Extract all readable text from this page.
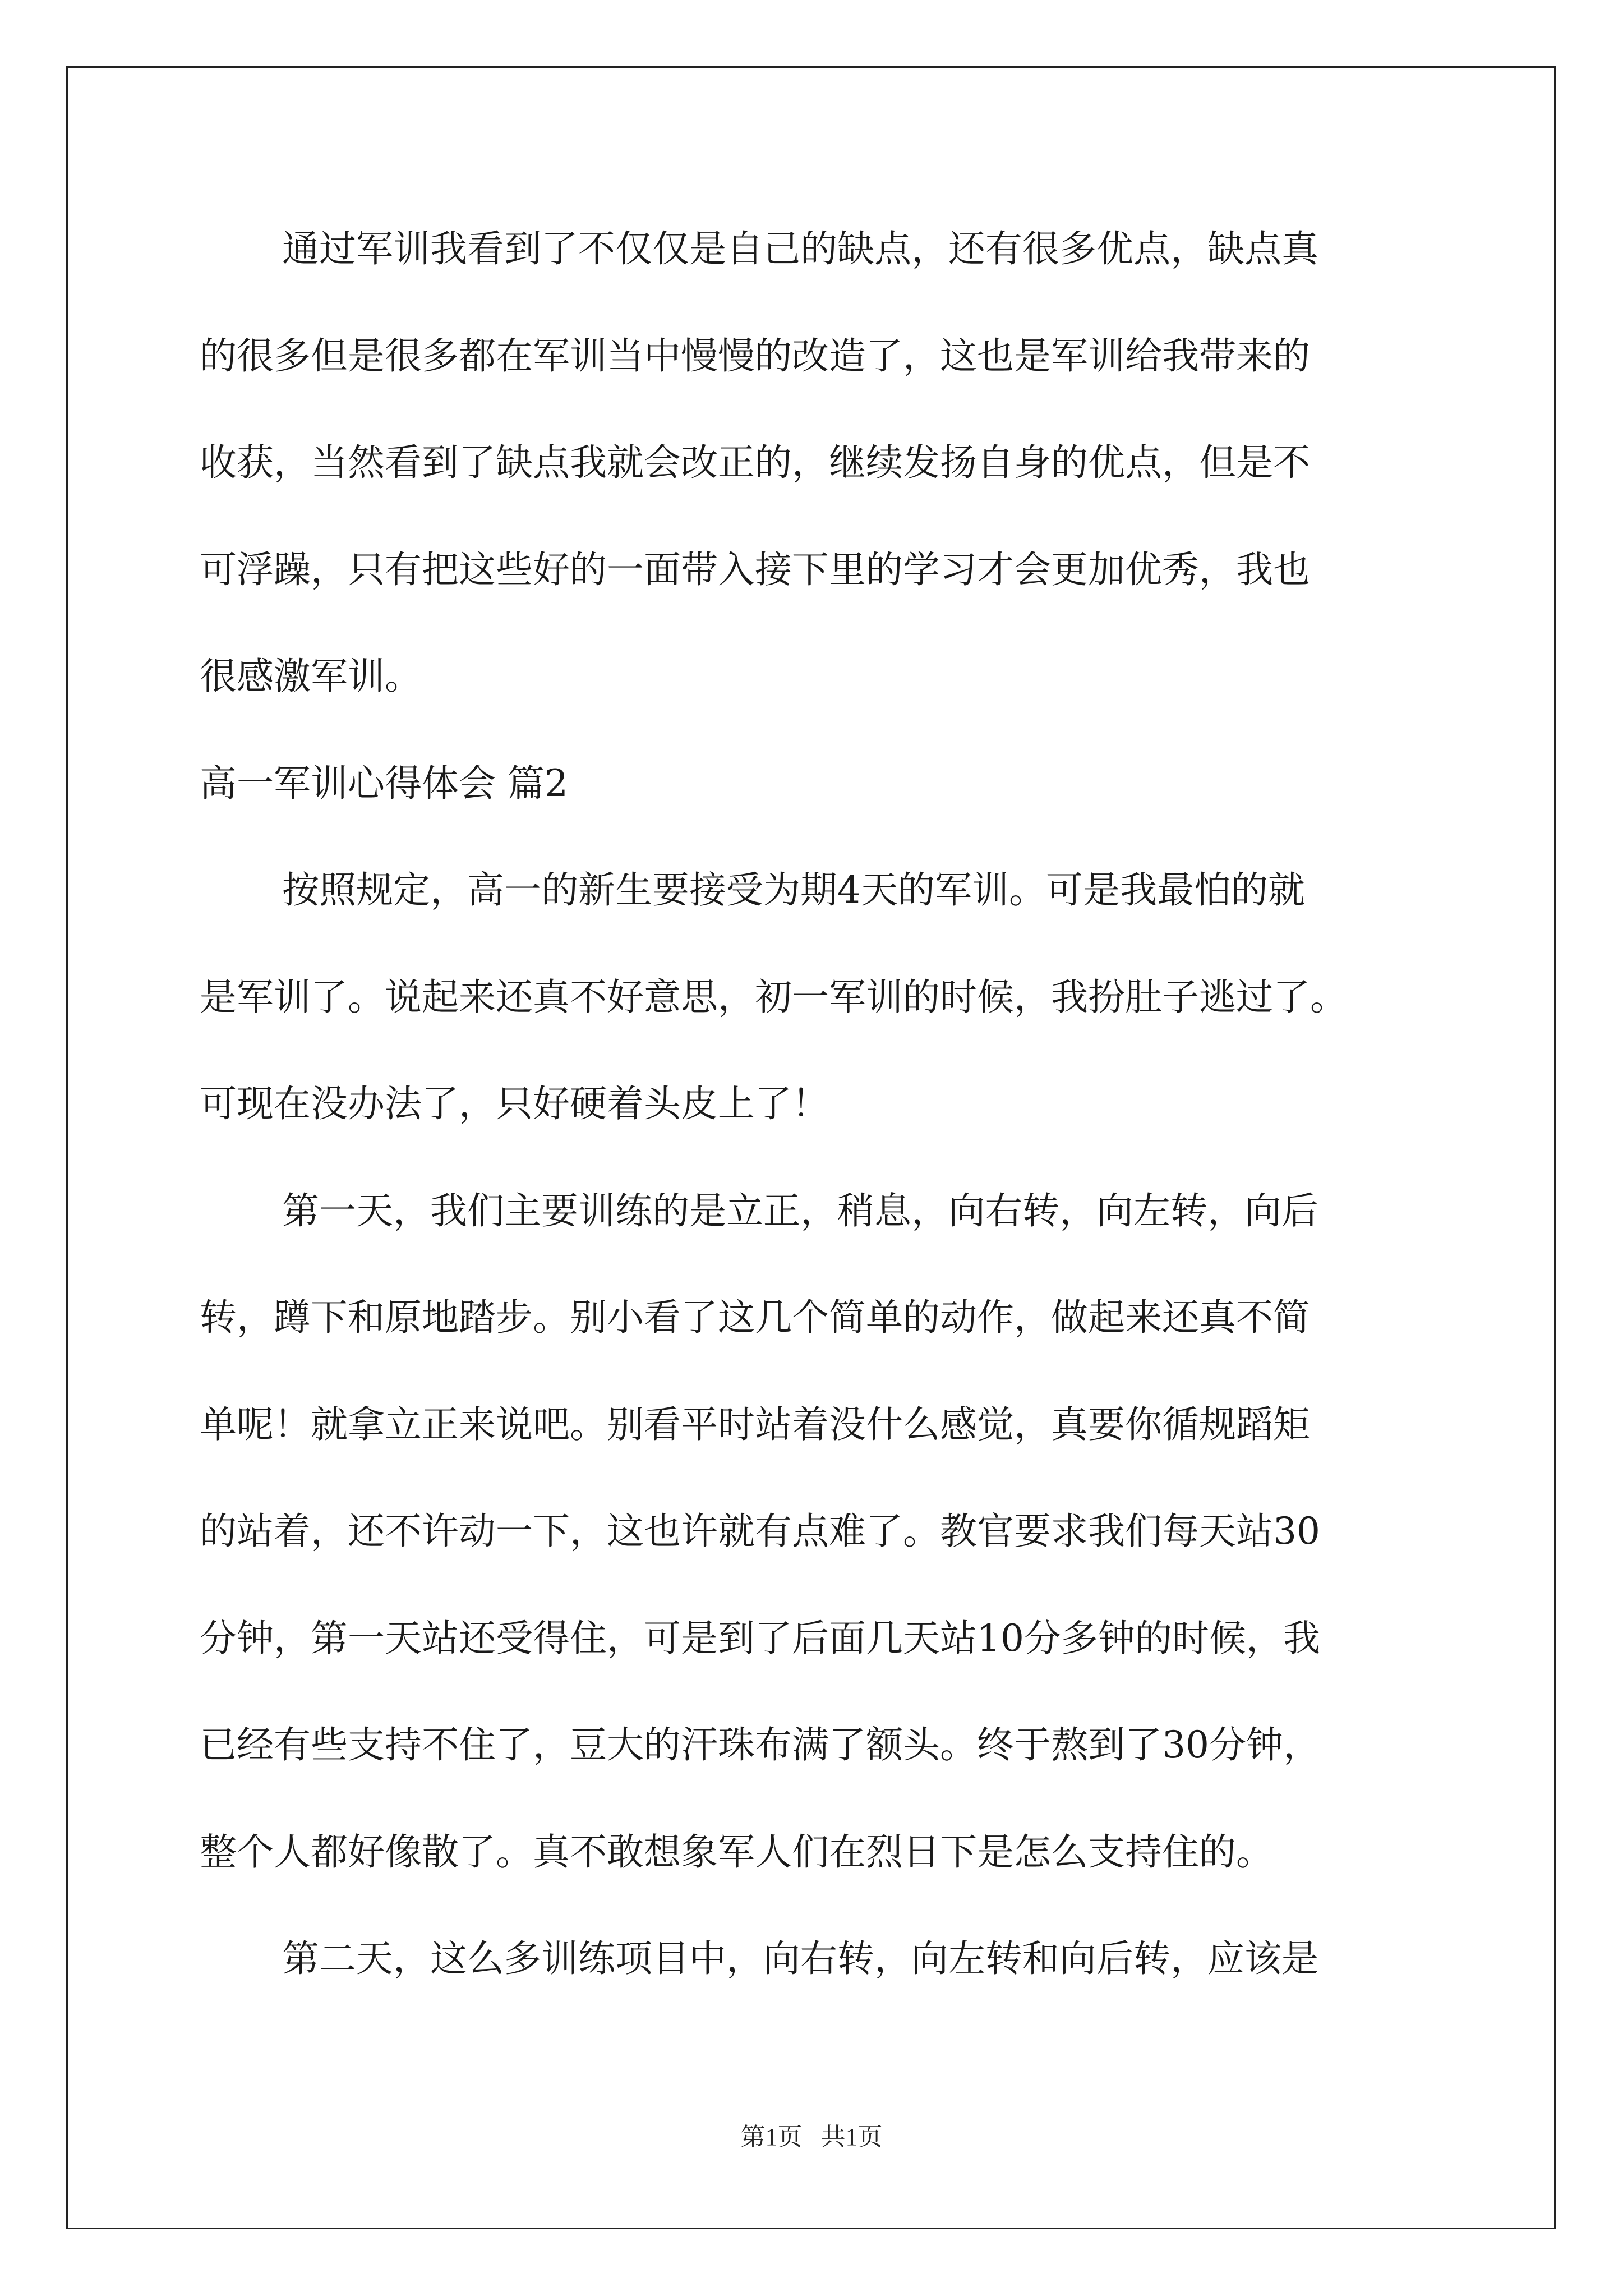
通过军训我看到了不仅仅是自己的缺点，还有很多优点，缺点真
的很多但是很多都在军训当中慢慢的改造了，这也是军训给我带来的
收获，当然看到了缺点我就会改正的，继续发扬自身的优点，但是不
可浮躁，只有把这些好的一面带入接下里的学习才会更加优秀，我也
很感激军训。
高一军训心得体会 篇2
按照规定，高一的新生要接受为期4天的军训。可是我最怕的就
是军训了。说起来还真不好意思，初一军训的时候，我扮肚子逃过了。
可现在没办法了，只好硬着头皮上了！
第一天，我们主要训练的是立正，稍息，向右转，向左转，向后
转，蹲下和原地踏步。别小看了这几个简单的动作，做起来还真不简
单呢！就拿立正来说吧。别看平时站着没什么感觉，真要你循规蹈矩
的站着，还不许动一下，这也许就有点难了。教官要求我们每天站30
分钟，第一天站还受得住，可是到了后面几天站10分多钟的时候，我
已经有些支持不住了，豆大的汗珠布满了额头。终于熬到了30分钟，
整个人都好像散了。真不敢想象军人们在烈日下是怎么支持住的。
第二天，这么多训练项目中，向右转，向左转和向后转，应该是
第1页   共1页
